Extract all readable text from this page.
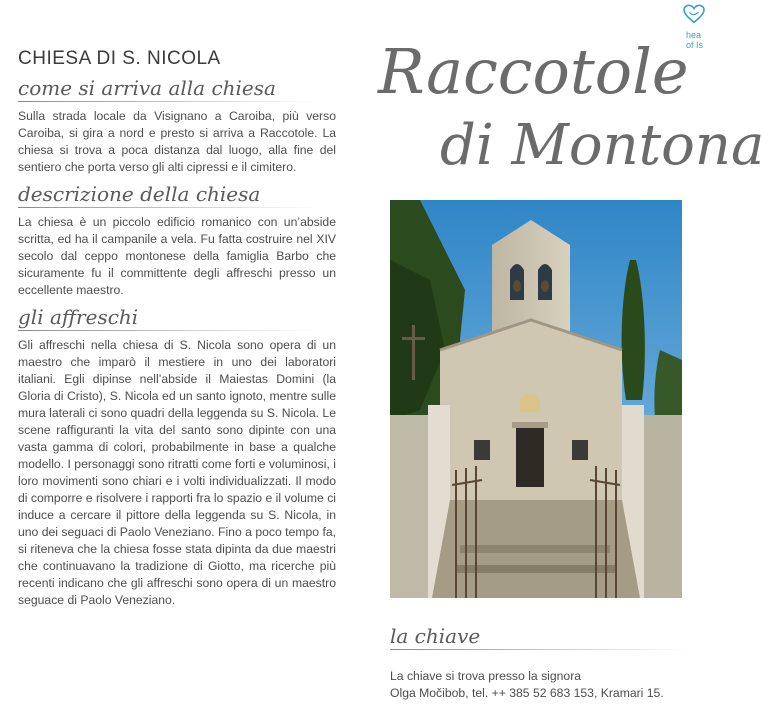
hea
of Is
Raccotole
di Montona
CHIESA DI S. NICOLA
come si arriva alla chiesa

Sulla strada locale da Visignano a Caroiba, più verso Caroiba, si gira a nord e presto si arriva a Raccotole. La chiesa si trova a poca distanza dal luogo, alla fine del sentiero che porta verso gli alti cipressi e il cimitero.

descrizione della chiesa

La chiesa è un piccolo edificio romanico con un’abside scritta, ed ha il campanile a vela. Fu fatta costruire nel XIV secolo dal ceppo montonese della famiglia Barbo che sicuramente fu il committente degli affreschi presso un eccellente maestro.

gli affreschi

Gli affreschi nella chiesa di S. Nicola sono opera di un maestro che imparò il mestiere in uno dei laboratori italiani. Egli dipinse nell’abside il Maiestas Domini (la Gloria di Cristo), S. Nicola ed un santo ignoto, mentre sulle mura laterali ci sono quadri della leggenda su S. Nicola. Le scene raffiguranti la vita del santo sono dipinte con una vasta gamma di colori, probabilmente in base a qualche modello. I personaggi sono ritratti come forti e voluminosi, i loro movimenti sono chiari e i volti individualizzati. Il modo di comporre e risolvere i rapporti fra lo spazio e il volume ci induce a cercare il pittore della leggenda su S. Nicola, in uno dei seguaci di Paolo Veneziano. Fino a poco tempo fa, si riteneva che la chiesa fosse stata dipinta da due maestri che continuavano la tradizione di Giotto, ma ricerche più recenti indicano che gli affreschi sono opera di un maestro seguace di Paolo Veneziano.

la chiave
La chiave si trova presso la signora
Olga Močibob, tel. ++ 385 52 683 153, Kramari 15.
